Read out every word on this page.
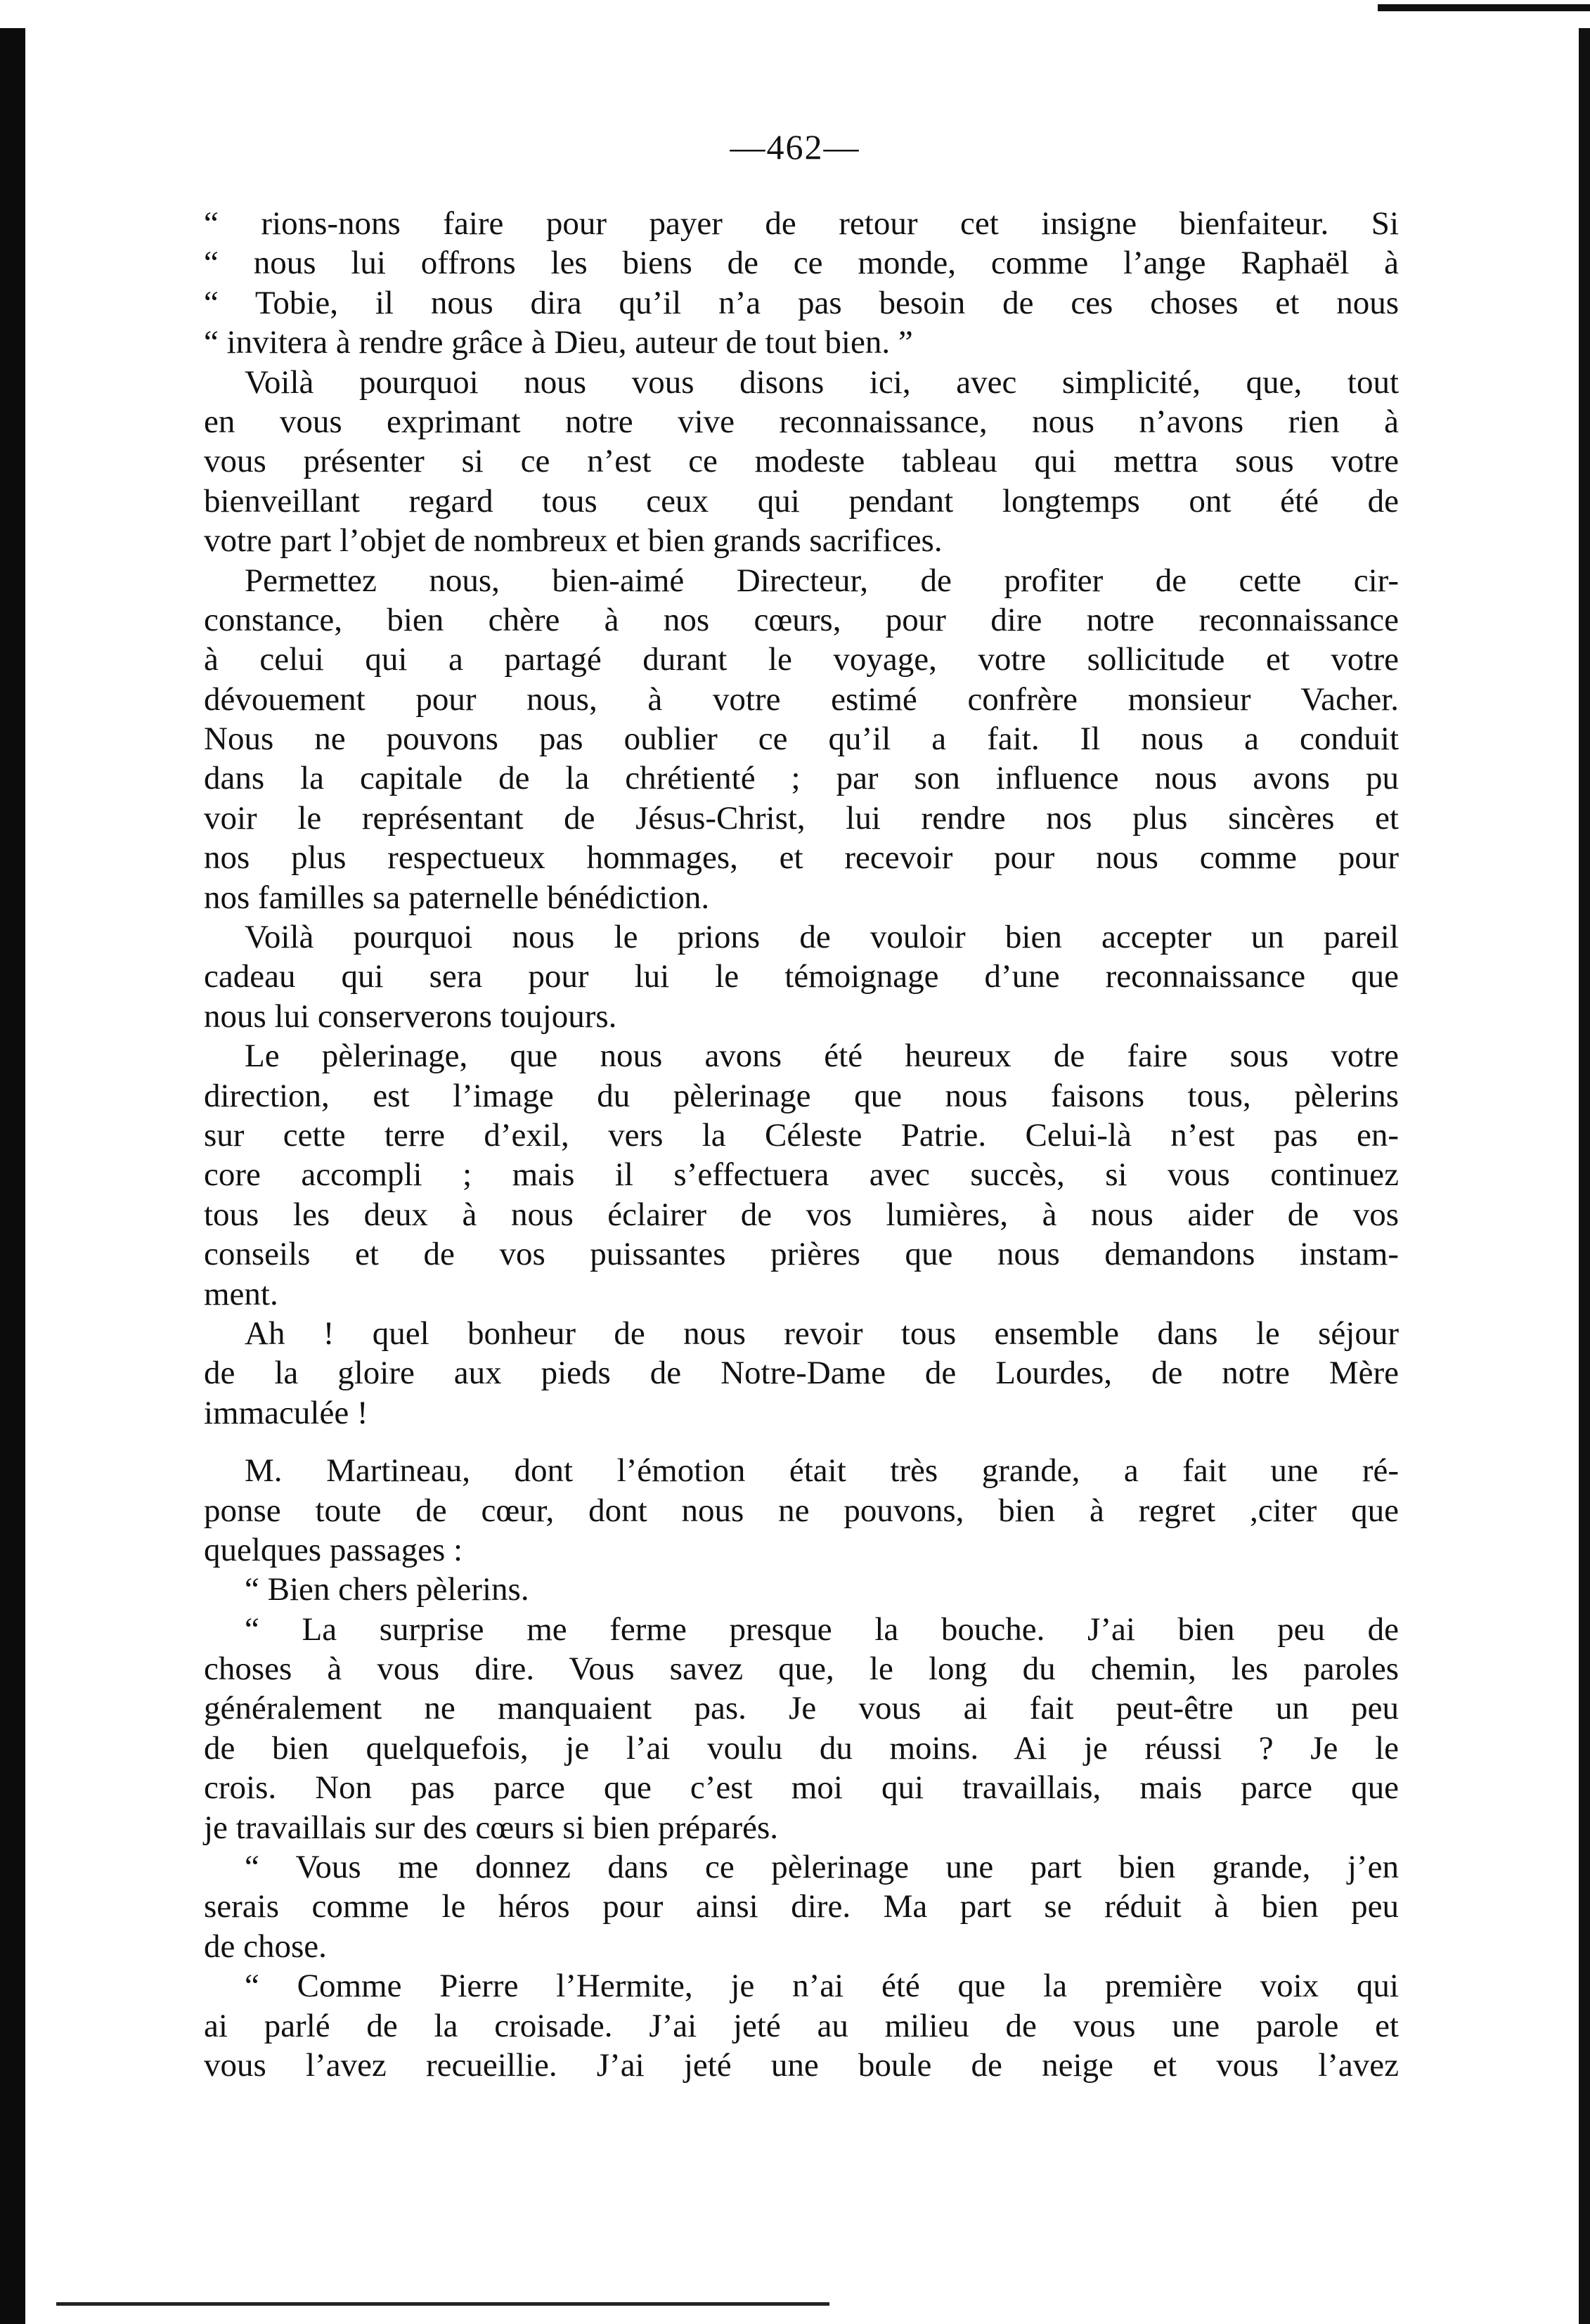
—462—
“ rions-nons faire pour payer de retour cet insigne bienfaiteur. Si
“ nous lui offrons les biens de ce monde, comme l’ange Raphaël à
“ Tobie, il nous dira qu’il n’a pas besoin de ces choses et nous
“ invitera à rendre grâce à Dieu, auteur de tout bien. ”
Voilà pourquoi nous vous disons ici, avec simplicité, que, tout
en vous exprimant notre vive reconnaissance, nous n’avons rien à
vous présenter si ce n’est ce modeste tableau qui mettra sous votre
bienveillant regard tous ceux qui pendant longtemps ont été de
votre part l’objet de nombreux et bien grands sacrifices.
Permettez nous, bien-aimé Directeur, de profiter de cette cir-
constance, bien chère à nos cœurs, pour dire notre reconnaissance
à celui qui a partagé durant le voyage, votre sollicitude et votre
dévouement pour nous, à votre estimé confrère monsieur Vacher.
Nous ne pouvons pas oublier ce qu’il a fait. Il nous a conduit
dans la capitale de la chrétienté ; par son influence nous avons pu
voir le représentant de Jésus-Christ, lui rendre nos plus sincères et
nos plus respectueux hommages, et recevoir pour nous comme pour
nos familles sa paternelle bénédiction.
Voilà pourquoi nous le prions de vouloir bien accepter un pareil
cadeau qui sera pour lui le témoignage d’une reconnaissance que
nous lui conserverons toujours.
Le pèlerinage, que nous avons été heureux de faire sous votre
direction, est l’image du pèlerinage que nous faisons tous, pèlerins
sur cette terre d’exil, vers la Céleste Patrie. Celui-là n’est pas en-
core accompli ; mais il s’effectuera avec succès, si vous continuez
tous les deux à nous éclairer de vos lumières, à nous aider de vos
conseils et de vos puissantes prières que nous demandons instam-
ment.
Ah ! quel bonheur de nous revoir tous ensemble dans le séjour
de la gloire aux pieds de Notre-Dame de Lourdes, de notre Mère
immaculée !
M. Martineau, dont l’émotion était très grande, a fait une ré-
ponse toute de cœur, dont nous ne pouvons, bien à regret ,citer que
quelques passages :
“ Bien chers pèlerins.
“ La surprise me ferme presque la bouche. J’ai bien peu de
choses à vous dire. Vous savez que, le long du chemin, les paroles
généralement ne manquaient pas. Je vous ai fait peut-être un peu
de bien quelquefois, je l’ai voulu du moins. Ai je réussi ? Je le
crois. Non pas parce que c’est moi qui travaillais, mais parce que
je travaillais sur des cœurs si bien préparés.
“ Vous me donnez dans ce pèlerinage une part bien grande, j’en
serais comme le héros pour ainsi dire. Ma part se réduit à bien peu
de chose.
“ Comme Pierre l’Hermite, je n’ai été que la première voix qui
ai parlé de la croisade. J’ai jeté au milieu de vous une parole et
vous l’avez recueillie. J’ai jeté une boule de neige et vous l’avez
